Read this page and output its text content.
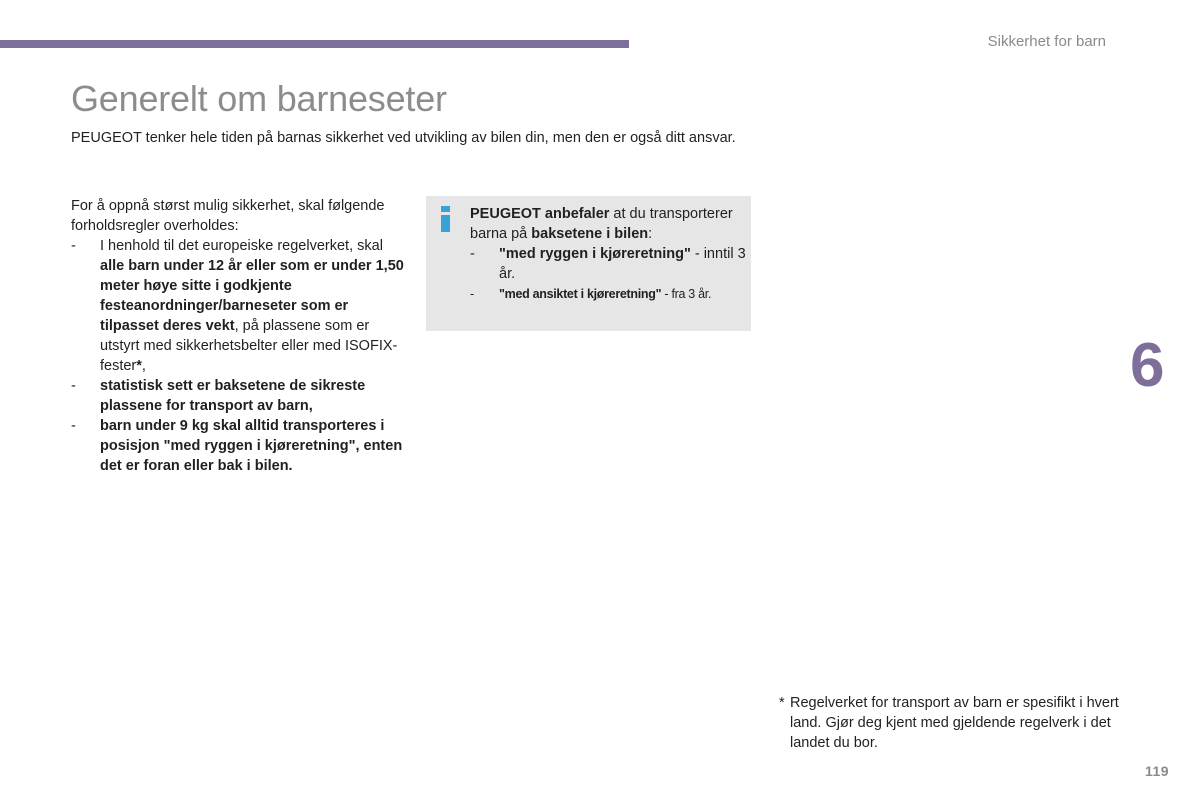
Sikkerhet for barn
Generelt om barneseter

PEUGEOT tenker hele tiden på barnas sikkerhet ved utvikling av bilen din, men den er også ditt ansvar.

For å oppnå størst mulig sikkerhet, skal følgende forholdsregler overholdes:

- I henhold til det europeiske regelverket, skal alle barn under 12 år eller som er under 1,50 meter høye sitte i godkjente festeanordninger/barneseter som er tilpasset deres vekt, på plassene som er utstyrt med sikkerhetsbelter eller med ISOFIX-fester*,
- statistisk sett er baksetene de sikreste plassene for transport av barn,
- barn under 9 kg skal alltid transporteres i posisjon "med ryggen i kjøreretning", enten det er foran eller bak i bilen.

PEUGEOT anbefaler at du transporterer barna på baksetene i bilen:

- "med ryggen i kjøreretning" - inntil 3 år.
- "med ansiktet i kjøreretning" - fra 3 år.
6

* Regelverket for transport av barn er spesifikt i hvert land. Gjør deg kjent med gjeldende regelverk i det landet du bor.

119
